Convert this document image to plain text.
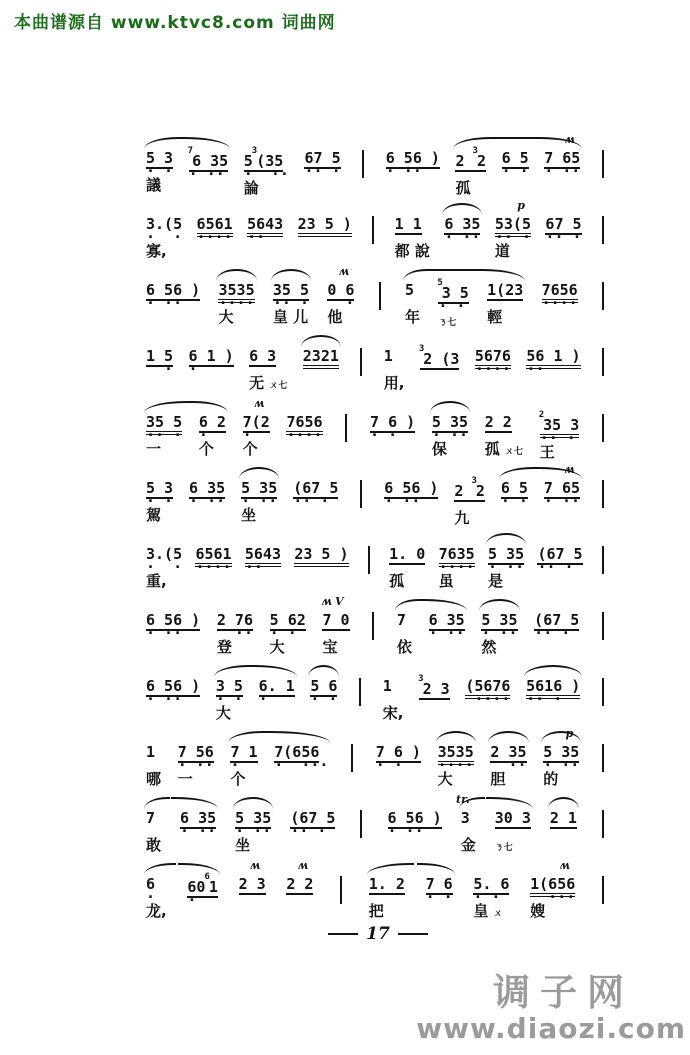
本曲谱源自 www.ktvc8.com 词曲网
5 3
· ·
議
$^7$6 35
· ··
$5^3(35$
·  ··
論
67 5
·· ·
6 56 )
· ··
2 $^3$2
孤
6 5
· ·
ʍ
7 65
· ··
3.(5
·  ·
寡,
6561
····
5643
··
23 5 )	1 1
都 說
6 35
· ··
p
53(5
·· ·
道
67 5
·· ·
6 56 )
· ··
3535
····
大
35 5
·· ·
皇 儿
ʍ
0 6
·
他
5
年
$^5$3 5
· ·
ㄋ七
1(23
輕
7656
····
1 5
·
6 1 )
·
6 3
无 ㄨ七
2321	1
用,
$^3$2 (3 5676
····
56 1 )
··
35 5
·· ·
一
6 2
·
个
ʍ
7(2
·
个
7656
····
7 6 )
· ·
5 35
· ··
保
2 2
孤 ㄨ七
$^2$35 3
·· ·
王
5 3
· ·
駕
6 35
· ··
5 35
· ··
坐
(67 5
·· ·
6 56 )
· ··
2 $^3$2
九
6 5
· ·
ʍ
7 65
· ··
3.(5
·  ·
重,
6561
····
5643
··
23 5 )	1. 0
孤
7635
····
虽
5 35
· ··
是
(67 5
·· ·
6 56 )
· ··
2 76
··
登
5 62
· ·
大
ʍ V
7 0
宝
7
依
6 35
· ··
5 35
· ··
然
(67 5
·· ·
6 56 )
· ··
3 5
· ·
大
6. 1
·
5 6
· ·
1
宋,
$^3$2 3 (5676
····
5616 )
·· ·
1
哪
7 56
· ··
一
7 1
·
个
7(656
·  ···
7 6 )
· ·
3535
····
大
2 35
··
胆
p
5 35
· ··
的
7
敢
6 35
· ··
5 35
· ··
坐
(67 5
·· ·
6 56 )
· ··
tr.
3
金
30 3
ㄋ七
2 1
6
·
龙,
$60^61$
·
ʍ
2 3
ʍ
2 2	1. 2
把
7 6
· ·
5. 6
· ·
皇 ㄨ
ʍ
1(656
···
嫂
17
调子网
www.diaozi.com
